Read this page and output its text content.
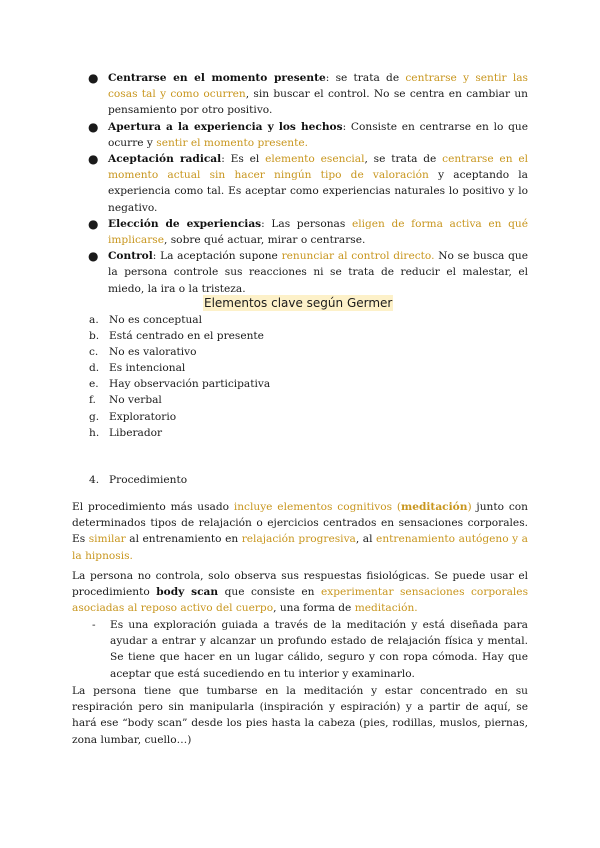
● Centrarse en el momento presente: se trata de centrarse y sentir las cosas tal y como ocurren, sin buscar el control. No se centra en cambiar un pensamiento por otro positivo.

● Apertura a la experiencia y los hechos: Consiste en centrarse en lo que ocurre y sentir el momento presente.

● Aceptación radical: Es el elemento esencial, se trata de centrarse en el momento actual sin hacer ningún tipo de valoración y aceptando la experiencia como tal. Es aceptar como experiencias naturales lo positivo y lo negativo.

● Elección de experiencias: Las personas eligen de forma activa en qué implicarse, sobre qué actuar, mirar o centrarse.

● Control: La aceptación supone renunciar al control directo. No se busca que la persona controle sus reacciones ni se trata de reducir el malestar, el miedo, la ira o la tristeza.

Elementos clave según Germer
a. No es conceptual
b. Está centrado en el presente
c.	No es valorativo
d. Es intencional
e. Hay observación participativa
f.	No verbal
g. Exploratorio
h. Liberador
4. Procedimiento

El procedimiento más usado incluye elementos cognitivos (meditación) junto con determinados tipos de relajación o ejercicios centrados en sensaciones corporales. Es similar al entrenamiento en relajación progresiva, al entrenamiento autógeno y a la hipnosis.

La persona no controla, solo observa sus respuestas fisiológicas. Se puede usar el procedimiento body scan que consiste en experimentar sensaciones corporales asociadas al reposo activo del cuerpo, una forma de meditación.

-	Es una exploración guiada a través de la meditación y está diseñada para ayudar a entrar y alcanzar un profundo estado de relajación física y mental. Se tiene que hacer en un lugar cálido, seguro y con ropa cómoda. Hay que aceptar que está sucediendo en tu interior y examinarlo.

La persona tiene que tumbarse en la meditación y estar concentrado en su respiración pero sin manipularla (inspiración y espiración) y a partir de aquí, se hará ese “body scan” desde los pies hasta la cabeza (pies, rodillas, muslos, piernas, zona lumbar, cuello…)
